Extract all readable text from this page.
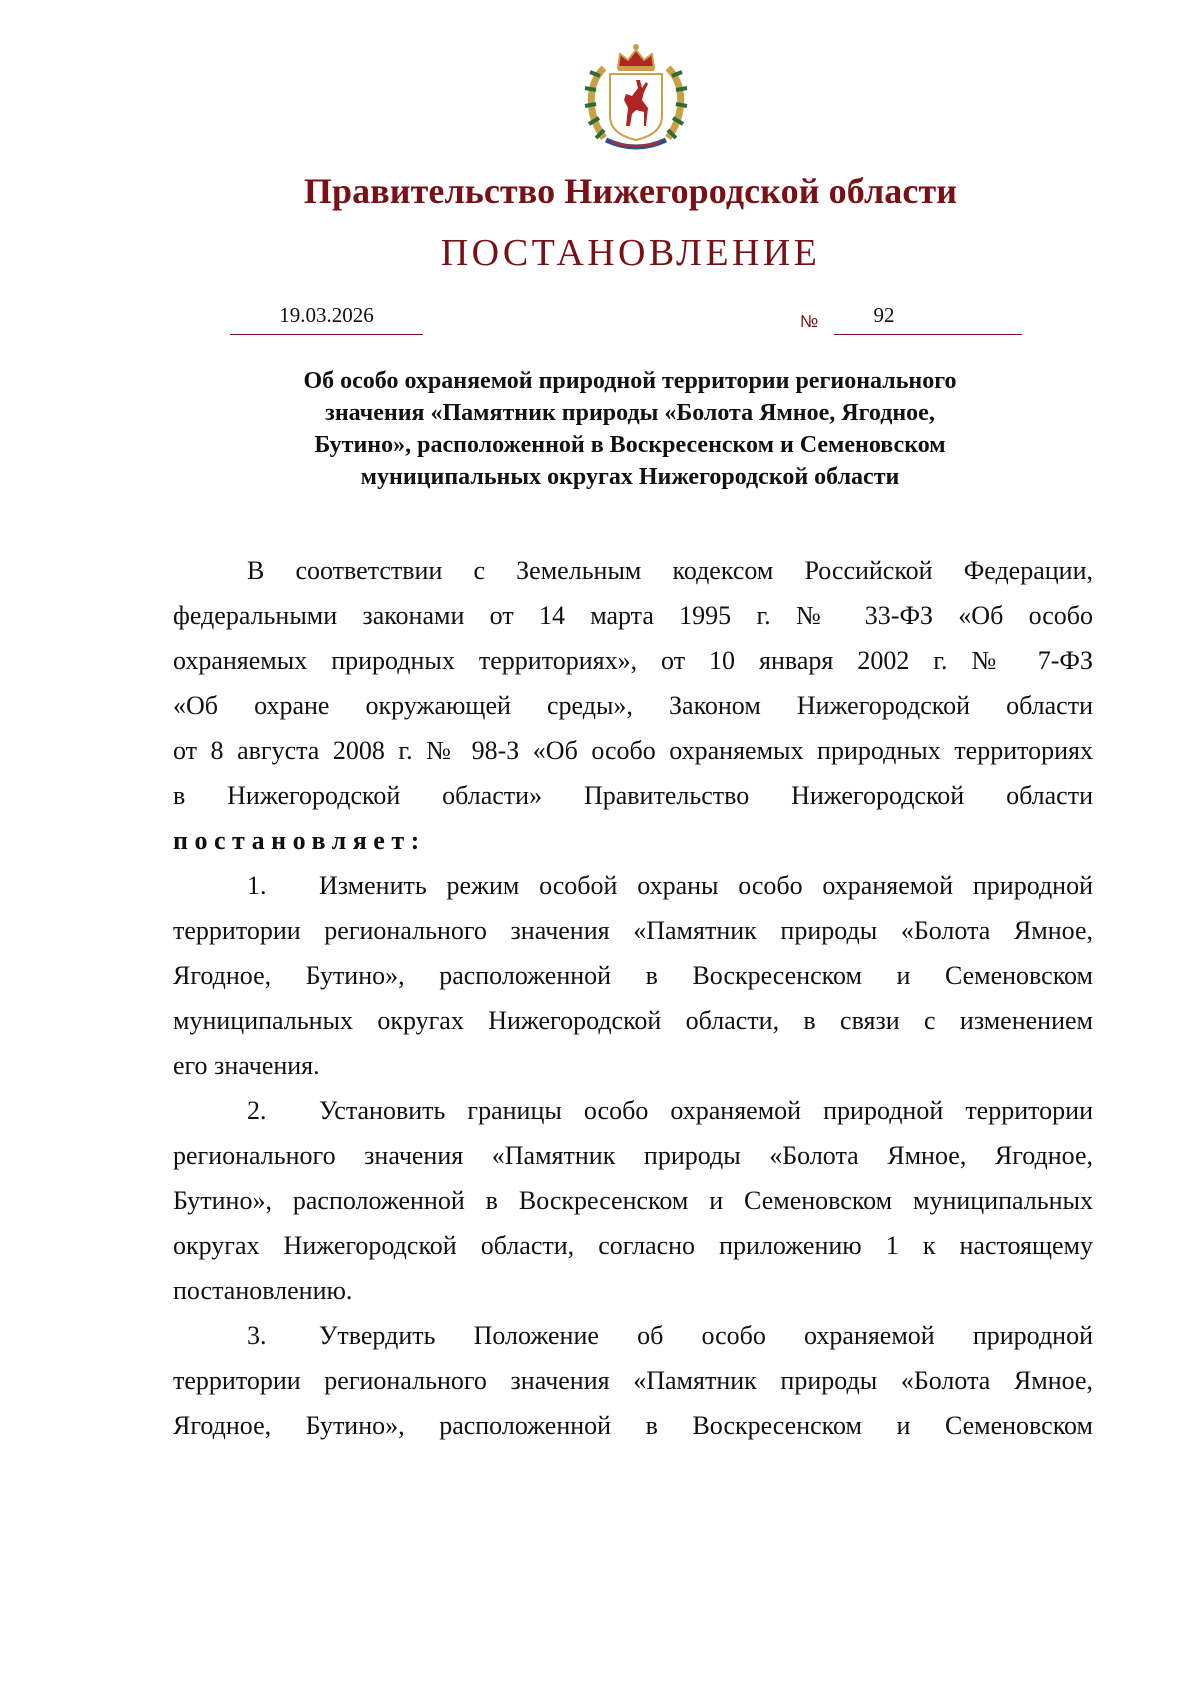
Правительство Нижегородской области
ПОСТАНОВЛЕНИЕ
19.03.2026	№	92
Об особо охраняемой природной территории регионального
значения «Памятник природы «Болота Ямное, Ягодное,
Бутино», расположенной в Воскресенском и Семеновском
муниципальных округах Нижегородской области
В соответствии с Земельным кодексом Российской Федерации,
федеральными законами от 14 марта 1995 г. № 33-ФЗ «Об особо
охраняемых природных территориях», от 10 января 2002 г. № 7-ФЗ
«Об охране окружающей среды», Законом Нижегородской области
от 8 августа 2008 г. № 98-З «Об особо охраняемых природных территориях
в Нижегородской области» Правительство Нижегородской области
постановляет:
1. Изменить режим особой охраны особо охраняемой природной
территории регионального значения «Памятник природы «Болота Ямное,
Ягодное, Бутино», расположенной в Воскресенском и Семеновском
муниципальных округах Нижегородской области, в связи с изменением
его значения.
2. Установить границы особо охраняемой природной территории
регионального значения «Памятник природы «Болота Ямное, Ягодное,
Бутино», расположенной в Воскресенском и Семеновском муниципальных
округах Нижегородской области, согласно приложению 1 к настоящему
постановлению.
3. Утвердить Положение об особо охраняемой природной
территории регионального значения «Памятник природы «Болота Ямное,
Ягодное, Бутино», расположенной в Воскресенском и Семеновском
